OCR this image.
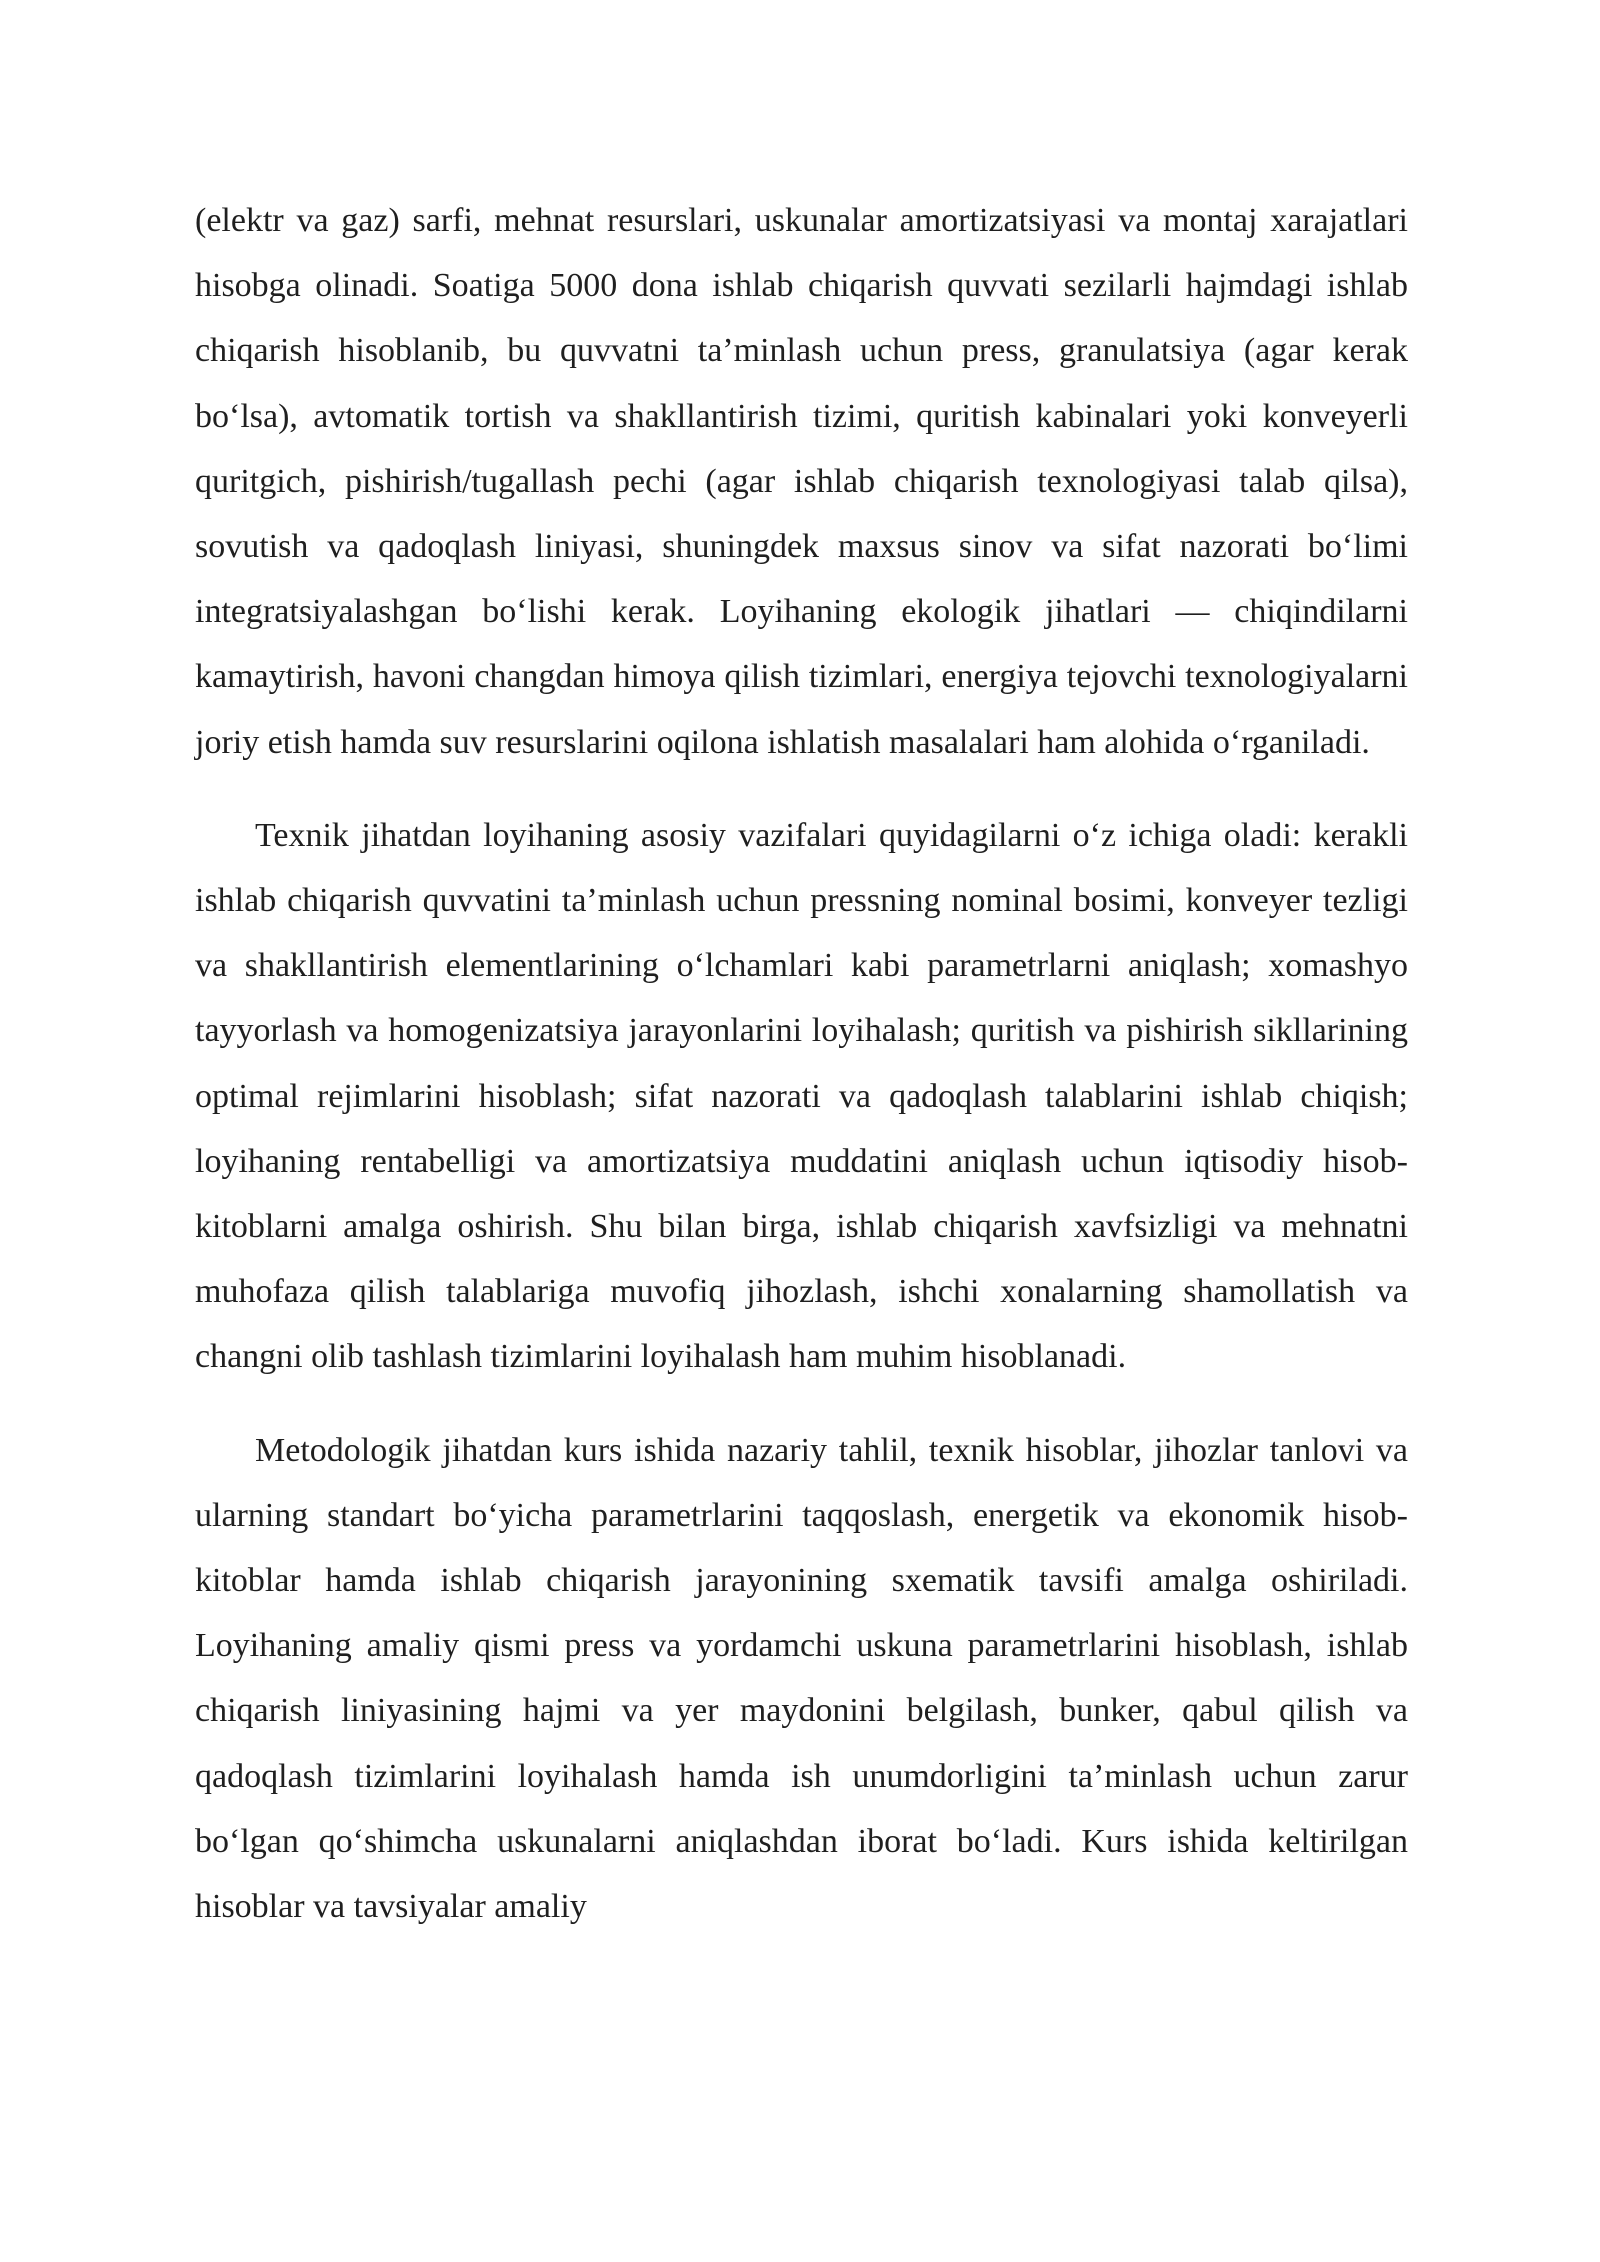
(elektr va gaz) sarfi, mehnat resurslari, uskunalar amortizatsiyasi va montaj xarajatlari hisobga olinadi. Soatiga 5000 dona ishlab chiqarish quvvati sezilarli hajmdagi ishlab chiqarish hisoblanib, bu quvvatni ta’minlash uchun press, granulatsiya (agar kerak bo‘lsa), avtomatik tortish va shakllantirish tizimi, quritish kabinalari yoki konveyerli quritgich, pishirish/tugallash pechi (agar ishlab chiqarish texnologiyasi talab qilsa), sovutish va qadoqlash liniyasi, shuningdek maxsus sinov va sifat nazorati bo‘limi integratsiyalashgan bo‘lishi kerak. Loyihaning ekologik jihatlari — chiqindilarni kamaytirish, havoni changdan himoya qilish tizimlari, energiya tejovchi texnologiyalarni joriy etish hamda suv resurslarini oqilona ishlatish masalalari ham alohida o‘rganiladi.

Texnik jihatdan loyihaning asosiy vazifalari quyidagilarni o‘z ichiga oladi: kerakli ishlab chiqarish quvvatini ta’minlash uchun pressning nominal bosimi, konveyer tezligi va shakllantirish elementlarining o‘lchamlari kabi parametrlarni aniqlash; xomashyo tayyorlash va homogenizatsiya jarayonlarini loyihalash; quritish va pishirish sikllarining optimal rejimlarini hisoblash; sifat nazorati va qadoqlash talablarini ishlab chiqish; loyihaning rentabelligi va amortizatsiya muddatini aniqlash uchun iqtisodiy hisob-kitoblarni amalga oshirish. Shu bilan birga, ishlab chiqarish xavfsizligi va mehnatni muhofaza qilish talablariga muvofiq jihozlash, ishchi xonalarning shamollatish va changni olib tashlash tizimlarini loyihalash ham muhim hisoblanadi.

Metodologik jihatdan kurs ishida nazariy tahlil, texnik hisoblar, jihozlar tanlovi va ularning standart bo‘yicha parametrlarini taqqoslash, energetik va ekonomik hisob-kitoblar hamda ishlab chiqarish jarayonining sxematik tavsifi amalga oshiriladi. Loyihaning amaliy qismi press va yordamchi uskuna parametrlarini hisoblash, ishlab chiqarish liniyasining hajmi va yer maydonini belgilash, bunker, qabul qilish va qadoqlash tizimlarini loyihalash hamda ish unumdorligini ta’minlash uchun zarur bo‘lgan qo‘shimcha uskunalarni aniqlashdan iborat bo‘ladi. Kurs ishida keltirilgan hisoblar va tavsiyalar amaliy
